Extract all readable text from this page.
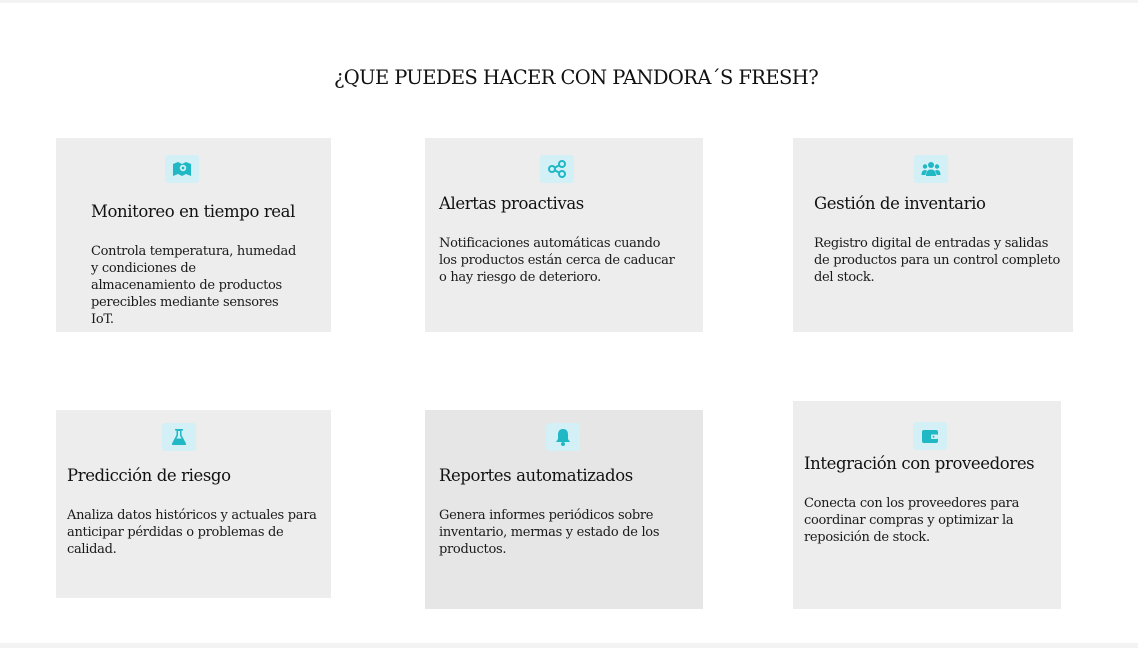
¿QUE PUEDES HACER CON PANDORA´S FRESH?
Monitoreo en tiempo real

Controla temperatura, humedad y condiciones de almacenamiento de productos perecibles mediante sensores IoT.

Alertas proactivas

Notificaciones automáticas cuando los productos están cerca de caducar o hay riesgo de deterioro.

Gestión de inventario

Registro digital de entradas y salidas de productos para un control completo del stock.

Predicción de riesgo

Analiza datos históricos y actuales para anticipar pérdidas o problemas de calidad.

Reportes automatizados

Genera informes periódicos sobre inventario, mermas y estado de los productos.

Integración con proveedores

Conecta con los proveedores para coordinar compras y optimizar la reposición de stock.
